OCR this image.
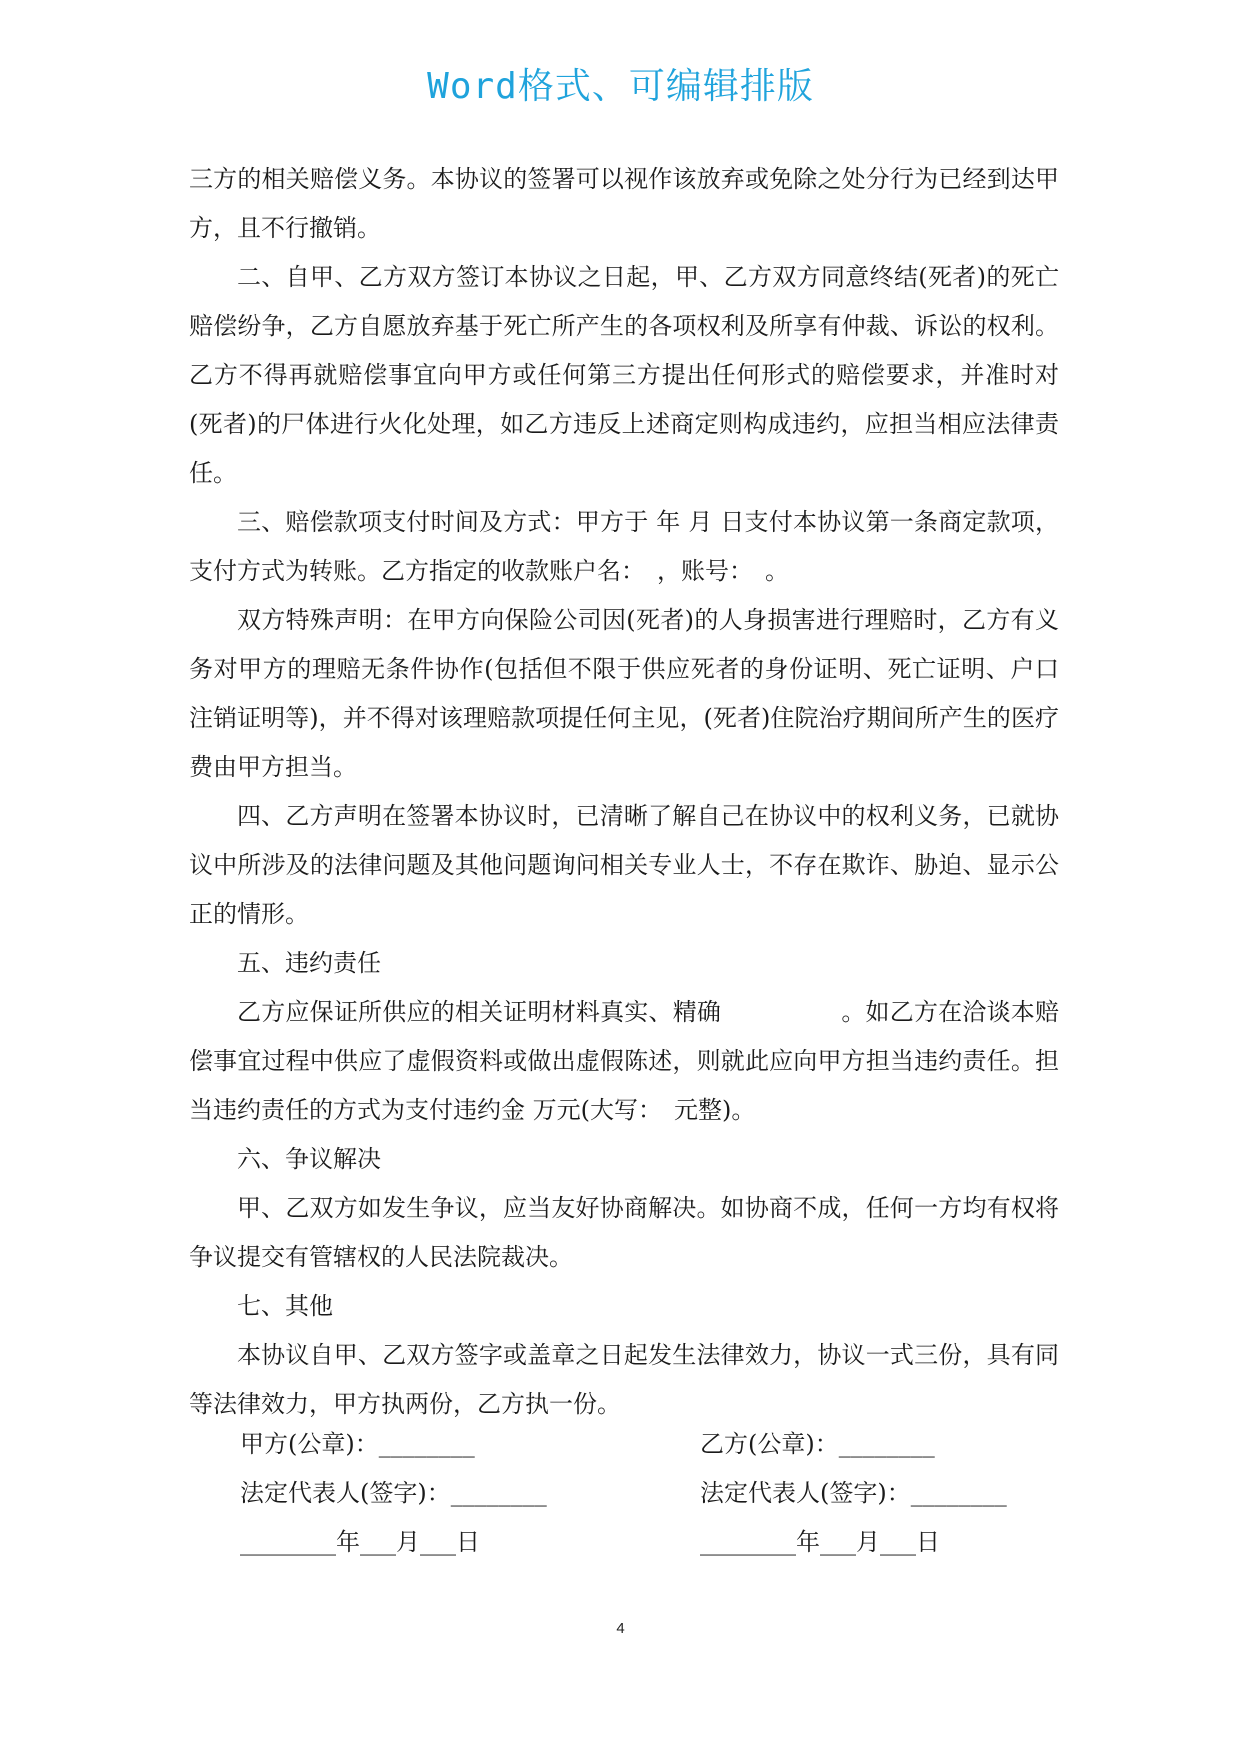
Word格式、可编辑排版

三方的相关赔偿义务。本协议的签署可以视作该放弃或免除之处分行为已经到达甲方，且不行撤销。

二、自甲、乙方双方签订本协议之日起，甲、乙方双方同意终结(死者)的死亡赔偿纷争，乙方自愿放弃基于死亡所产生的各项权利及所享有仲裁、诉讼的权利。乙方不得再就赔偿事宜向甲方或任何第三方提出任何形式的赔偿要求，并准时对(死者)的尸体进行火化处理，如乙方违反上述商定则构成违约，应担当相应法律责任。

三、赔偿款项支付时间及方式：甲方于 年 月 日支付本协议第一条商定款项，支付方式为转账。乙方指定的收款账户名：　，账号：　。

双方特殊声明：在甲方向保险公司因(死者)的人身损害进行理赔时，乙方有义务对甲方的理赔无条件协作(包括但不限于供应死者的身份证明、死亡证明、户口注销证明等)，并不得对该理赔款项提任何主见，(死者)住院治疗期间所产生的医疗费由甲方担当。

四、乙方声明在签署本协议时，已清晰了解自己在协议中的权利义务，已就协议中所涉及的法律问题及其他问题询问相关专业人士，不存在欺诈、胁迫、显示公正的情形。

五、违约责任

乙方应保证所供应的相关证明材料真实、精确	。如乙方在洽谈本赔偿事宜过程中供应了虚假资料或做出虚假陈述，则就此应向甲方担当违约责任。担当违约责任的方式为支付违约金 万元(大写：　元整)。

六、争议解决

甲、乙双方如发生争议，应当友好协商解决。如协商不成，任何一方均有权将争议提交有管辖权的人民法院裁决。

七、其他

本协议自甲、乙双方签字或盖章之日起发生法律效力，协议一式三份，具有同等法律效力，甲方执两份，乙方执一份。

甲方(公章)：________	乙方(公章)：________
法定代表人(签字)：________	法定代表人(签字)：________
________年___月___日	________年___月___日
4
